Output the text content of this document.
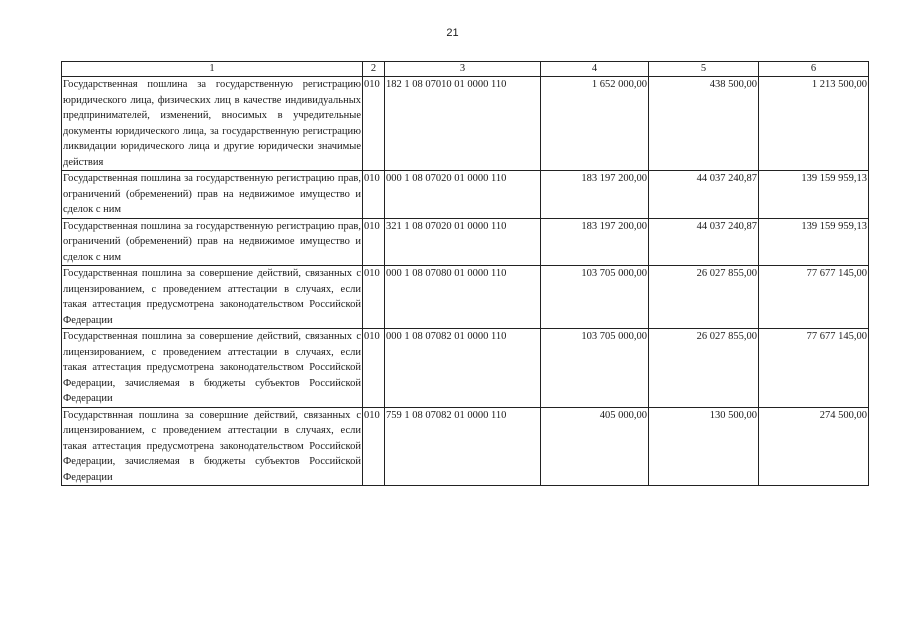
21
1	2	3	4	5	6
Государственная пошлина за государственную регистрацию юридического лица, физических лиц в качестве индивидуальных предпринимателей, изменений, вносимых в учредительные документы юридического лица, за государственную регистрацию ликвидации юридического лица и другие юридически значимые действия	010	182 1 08 07010 01 0000 110	1 652 000,00	438 500,00	1 213 500,00
Государственная пошлина за государственную регистрацию прав, ограничений (обременений) прав на недвижимое имущество и сделок с ним	010	000 1 08 07020 01 0000 110	183 197 200,00	44 037 240,87	139 159 959,13
Государственная пошлина за государственную регистрацию прав, ограничений (обременений) прав на недвижимое имущество и сделок с ним	010	321 1 08 07020 01 0000 110	183 197 200,00	44 037 240,87	139 159 959,13
Государственная пошлина за совершение действий, связанных с лицензированием, с проведением аттестации в случаях, если такая аттестация предусмотрена законодательством Российской Федерации	010	000 1 08 07080 01 0000 110	103 705 000,00	26 027 855,00	77 677 145,00
Государственная пошлина за совершение действий, связанных с лицензированием, с проведением аттестации в случаях, если такая аттестация предусмотрена законодательством Российской Федерации, зачисляемая в бюджеты субъектов Российской Федерации	010	000 1 08 07082 01 0000 110	103 705 000,00	26 027 855,00	77 677 145,00
Государствнная пошлина за совершние действий, связанных с лицензированием, с проведением аттестации в случаях, если такая аттестация предусмотрена законодательством Российской Федерации, зачисляемая в бюджеты субъектов Российской Федерации	010	759 1 08 07082 01 0000 110	405 000,00	130 500,00	274 500,00
